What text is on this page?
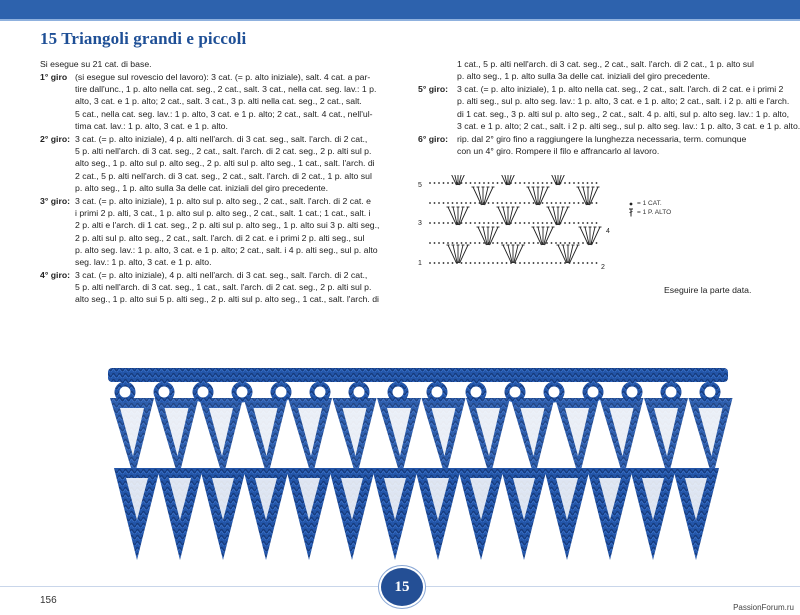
15 Triangoli grandi e piccoli
Si esegue su 21 cat. di base.
1° giro (si esegue sul rovescio del lavoro): 3 cat. (= p. alto iniziale), salt. 4 cat. a par-
tire dall'unc., 1 p. alto nella cat. seg., 2 cat., salt. 3 cat., nella cat. seg. lav.: 1 p.
alto, 3 cat. e 1 p. alto; 2 cat., salt. 3 cat., 3 p. alti nella cat. seg., 2 cat., salt.
5 cat., nella cat. seg. lav.: 1 p. alto, 3 cat. e 1 p. alto; 2 cat., salt. 4 cat., nell'ul-
tima cat. lav.: 1 p. alto, 3 cat. e 1 p. alto.
2° giro: 3 cat. (= p. alto iniziale), 4 p. alti nell'arch. di 3 cat. seg., salt. l'arch. di 2 cat.,
5 p. alti nell'arch. di 3 cat. seg., 2 cat., salt. l'arch. di 2 cat. seg., 2 p. alti sul p.
alto seg., 1 p. alto sul p. alto seg., 2 p. alti sul p. alto seg., 1 cat., salt. l'arch. di
2 cat., 5 p. alti nell'arch. di 3 cat. seg., 2 cat., salt. l'arch. di 2 cat., 1 p. alto sul
p. alto seg., 1 p. alto sulla 3a delle cat. iniziali del giro precedente.
3° giro: 3 cat. (= p. alto iniziale), 1 p. alto sul p. alto seg., 2 cat., salt. l'arch. di 2 cat. e
i primi 2 p. alti, 3 cat., 1 p. alto sul p. alto seg., 2 cat., salt. 1 cat.; 1 cat., salt. i
2 p. alti e l'arch. di 1 cat. seg., 2 p. alti sul p. alto seg., 1 p. alto sui 3 p. alti seg.,
2 p. alti sul p. alto seg., 2 cat., salt. l'arch. di 2 cat. e i primi 2 p. alti seg., sul
p. alto seg. lav.: 1 p. alto, 3 cat. e 1 p. alto; 2 cat., salt. i 4 p. alti seg., sul p. alto
seg. lav.: 1 p. alto, 3 cat. e 1 p. alto.
4° giro: 3 cat. (= p. alto iniziale), 4 p. alti nell'arch. di 3 cat. seg., salt. l'arch. di 2 cat.,
5 p. alti nell'arch. di 3 cat. seg., 1 cat., salt. l'arch. di 2 cat. seg., 2 p. alti sul p.
alto seg., 1 p. alto sui 5 p. alti seg., 2 p. alti sul p. alto seg., 1 cat., salt. l'arch. di
1 cat., 5 p. alti nell'arch. di 3 cat. seg., 2 cat., salt. l'arch. di 2 cat., 1 p. alto sul
p. alto seg., 1 p. alto sulla 3a delle cat. iniziali del giro precedente.
5° giro:	3 cat. (= p. alto iniziale), 1 p. alto nella cat. seg., 2 cat., salt. l'arch. di 2 cat. e i primi 2
p. alti seg., sul p. alto seg. lav.: 1 p. alto, 3 cat. e 1 p. alto; 2 cat., salt. i 2 p. alti e l'arch.
di 1 cat. seg., 3 p. alti sul p. alto seg., 2 cat., salt. 4 p. alti, sul p. alto seg. lav.: 1 p. alto,
3 cat. e 1 p. alto; 2 cat., salt. i 2 p. alti seg., sul p. alto seg. lav.: 1 p. alto, 3 cat. e 1 p. alto.
6° giro:	rip. dal 2° giro fino a raggiungere la lunghezza necessaria, term. comunque
con un 4° giro. Rompere il filo e affrancarlo al lavoro.
5
3
1
4
2
= 1 CAT.
= 1 P. ALTO
Eseguire la parte data.
15
156
PassionForum.ru
